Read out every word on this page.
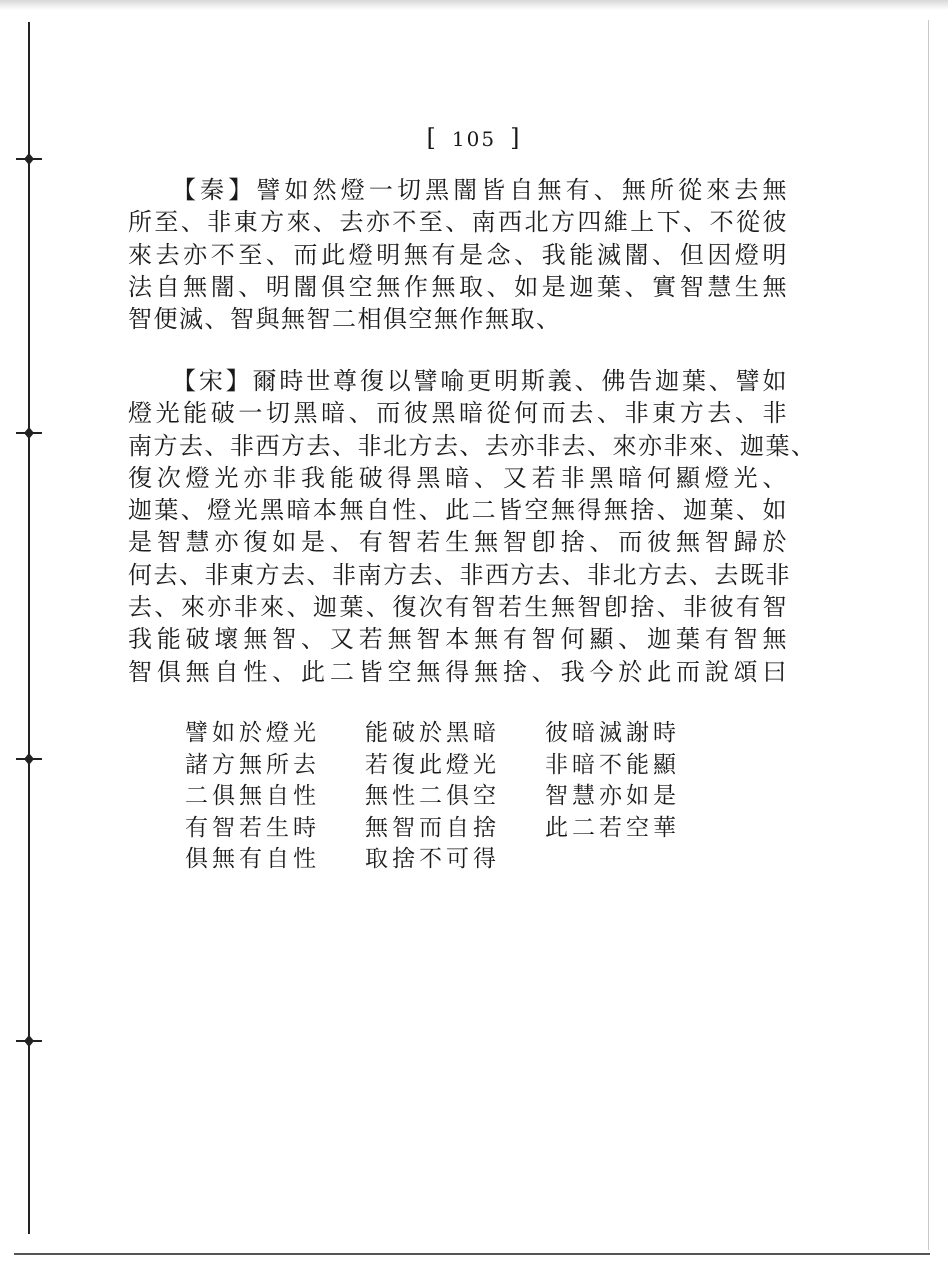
[ 105 ]
【秦】譬如然燈一切黑闇皆自無有、無所從來去無
所至、非東方來、去亦不至、南西北方四維上下、不從彼
來去亦不至、而此燈明無有是念、我能滅闇、但因燈明
法自無闇、明闇俱空無作無取、如是迦葉、實智慧生無
智便滅、智與無智二相俱空無作無取、
【宋】爾時世尊復以譬喻更明斯義、佛告迦葉、譬如
燈光能破一切黑暗、而彼黑暗從何而去、非東方去、非
南方去、非西方去、非北方去、去亦非去、來亦非來、迦葉、
復次燈光亦非我能破得黑暗、又若非黑暗何顯燈光、
迦葉、燈光黑暗本無自性、此二皆空無得無捨、迦葉、如
是智慧亦復如是、有智若生無智卽捨、而彼無智歸於
何去、非東方去、非南方去、非西方去、非北方去、去既非
去、來亦非來、迦葉、復次有智若生無智卽捨、非彼有智
我能破壞無智、又若無智本無有智何顯、迦葉有智無
智俱無自性、此二皆空無得無捨、我今於此而說頌曰
譬如於燈光	能破於黑暗	彼暗滅謝時
諸方無所去	若復此燈光	非暗不能顯
二俱無自性	無性二俱空	智慧亦如是
有智若生時	無智而自捨	此二若空華
俱無有自性	取捨不可得
